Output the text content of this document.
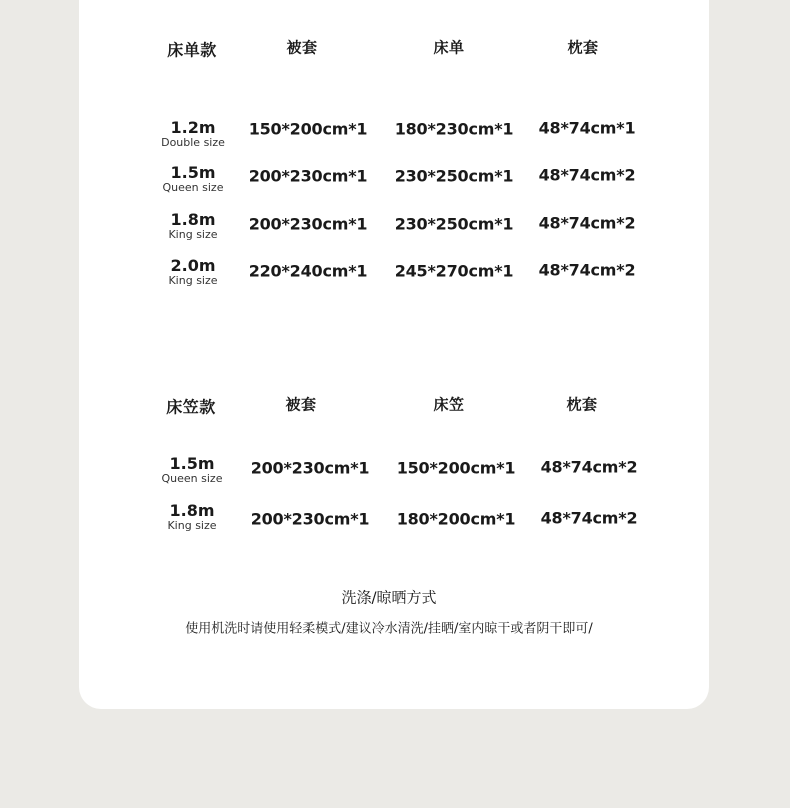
床单款	被套	床单	枕套
1.2m
Double size
150*200cm*1 180*230cm*1 48*74cm*1
1.5m
Queen size
200*230cm*1 230*250cm*1 48*74cm*2
1.8m
King size
200*230cm*1 230*250cm*1 48*74cm*2
2.0m
King size 220*240cm*1 245*270cm*1 48*74cm*2
床笠款	被套	床笠	枕套
1.5m
Queen size
200*230cm*1 150*200cm*1 48*74cm*2
1.8m
King size 200*230cm*1 180*200cm*1 48*74cm*2
洗涤/晾晒方式
使用机洗时请使用轻柔模式/建议冷水清洗/挂晒/室内晾干或者阴干即可/
